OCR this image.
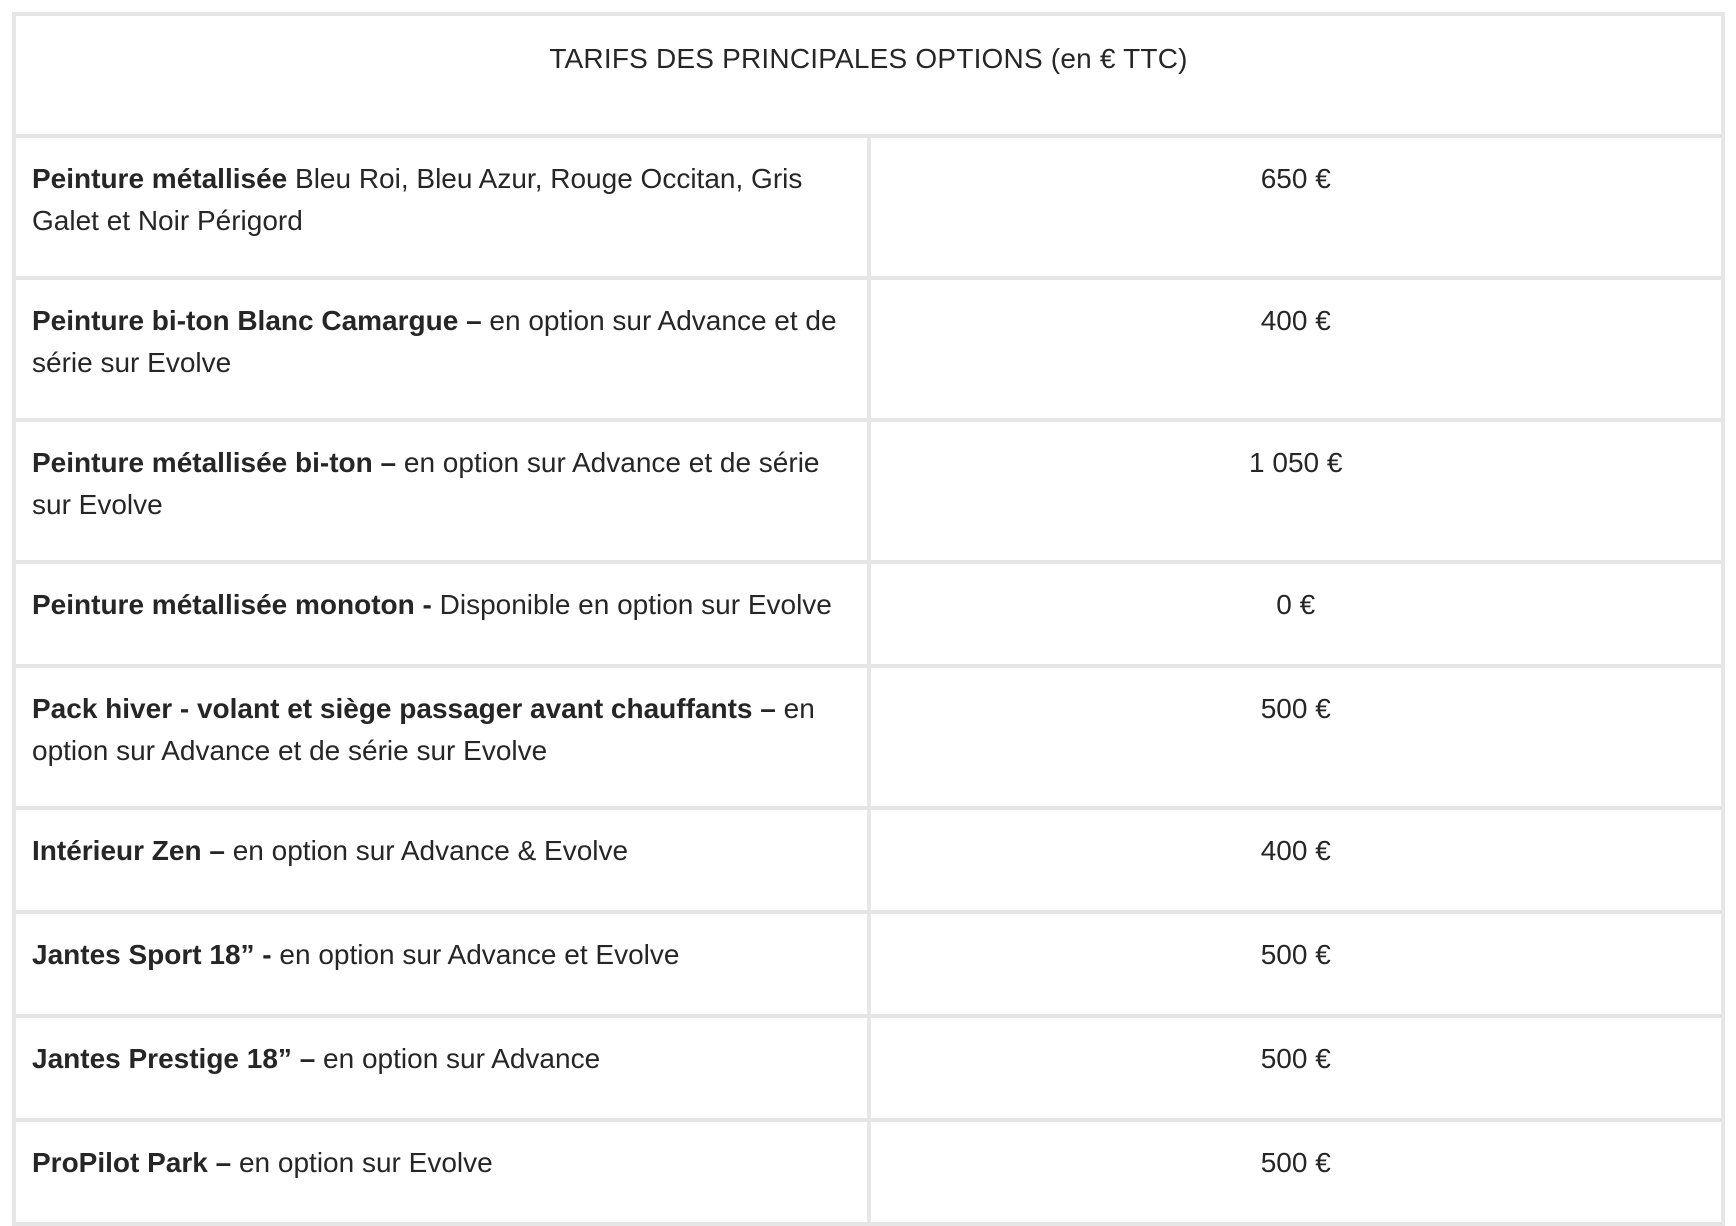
TARIFS DES PRINCIPALES OPTIONS (en € TTC)	
Peinture métallisée Bleu Roi, Bleu Azur, Rouge Occitan, Gris Galet et Noir Périgord	650 €
Peinture bi-ton Blanc Camargue – en option sur Advance et de série sur Evolve	400 €
Peinture métallisée bi-ton – en option sur Advance et de série sur Evolve	1 050 €
Peinture métallisée monoton - Disponible en option sur Evolve	0 €
Pack hiver - volant et siège passager avant chauffants – en option sur Advance et de série sur Evolve	500 €
Intérieur Zen – en option sur Advance & Evolve	400 €
Jantes Sport 18” - en option sur Advance et Evolve	500 €
Jantes Prestige 18” – en option sur Advance	500 €
ProPilot Park – en option sur Evolve	500 €
